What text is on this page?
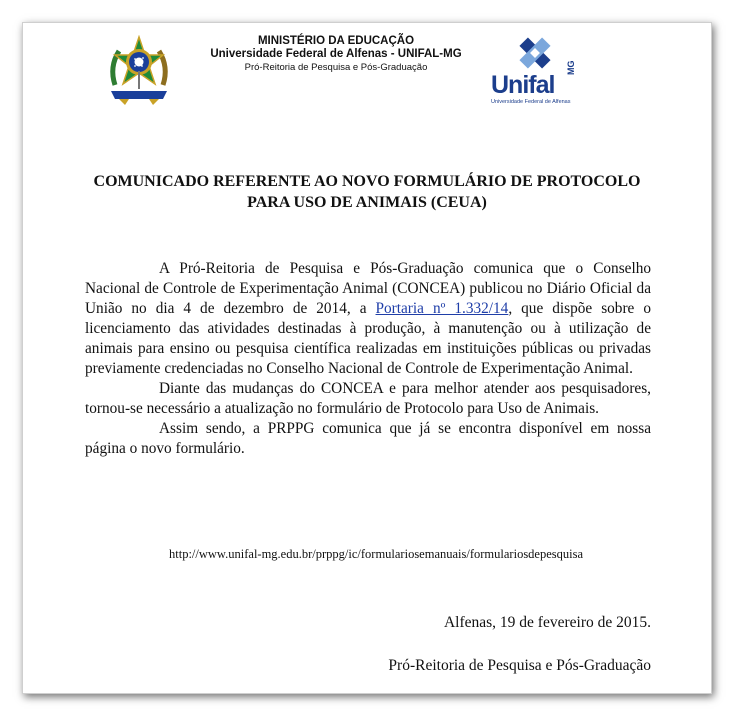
MINISTÉRIO DA EDUCAÇÃO
Universidade Federal de Alfenas - UNIFAL-MG
Pró-Reitoria de Pesquisa e Pós-Graduação
Unifal
MG
Universidade Federal de Alfenas
COMUNICADO REFERENTE AO NOVO FORMULÁRIO DE PROTOCOLO
PARA USO DE ANIMAIS (CEUA)

A Pró-Reitoria de Pesquisa e Pós-Graduação comunica que o Conselho Nacional de Controle de Experimentação Animal (CONCEA) publicou no Diário Oficial da União no dia 4 de dezembro de 2014, a Portaria nº 1.332/14, que dispõe sobre o licenciamento das atividades destinadas à produção, à manutenção ou à utilização de animais para ensino ou pesquisa científica realizadas em instituições públicas ou privadas previamente credenciadas no Conselho Nacional de Controle de Experimentação Animal.

Diante das mudanças do CONCEA e para melhor atender aos pesquisadores, tornou-se necessário a atualização no formulário de Protocolo para Uso de Animais.

Assim sendo, a PRPPG comunica que já se encontra disponível em nossa página o novo formulário.

http://www.unifal-mg.edu.br/prppg/ic/formulariosemanuais/formulariosdepesquisa
Alfenas, 19 de fevereiro de 2015.
Pró-Reitoria de Pesquisa e Pós-Graduação
